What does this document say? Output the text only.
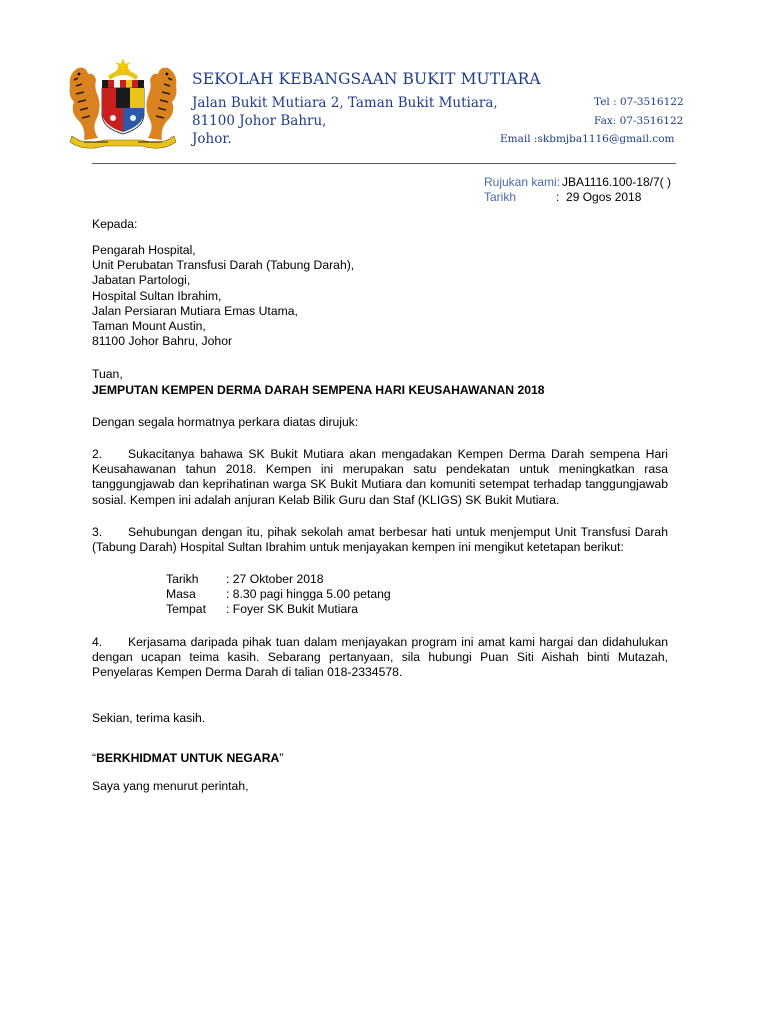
SEKOLAH KEBANGSAAN BUKIT MUTIARA
Jalan Bukit Mutiara 2, Taman Bukit Mutiara,
81100 Johor Bahru,
Johor.
Tel : 07-3516122
Fax: 07-3516122
Email :skbmjba1116@gmail.com
Rujukan kami: JBA1116.100-18/7( )
Tarikh	: 29 Ogos 2018

Kepada:

Pengarah Hospital,

Unit Perubatan Transfusi Darah (Tabung Darah),

Jabatan Partologi,

Hospital Sultan Ibrahim,

Jalan Persiaran Mutiara Emas Utama,

Taman Mount Austin,

81100 Johor Bahru, Johor

Tuan,

JEMPUTAN KEMPEN DERMA DARAH SEMPENA HARI KEUSAHAWANAN 2018

Dengan segala hormatnya perkara diatas dirujuk:

2. Sukacitanya bahawa SK Bukit Mutiara akan mengadakan Kempen Derma Darah sempena Hari Keusahawanan tahun 2018. Kempen ini merupakan satu pendekatan untuk meningkatkan rasa tanggungjawab dan keprihatinan warga SK Bukit Mutiara dan komuniti setempat terhadap tanggungjawab sosial. Kempen ini adalah anjuran Kelab Bilik Guru dan Staf (KLIGS) SK Bukit Mutiara.

3. Sehubungan dengan itu, pihak sekolah amat berbesar hati untuk menjemput Unit Transfusi Darah (Tabung Darah) Hospital Sultan Ibrahim untuk menjayakan kempen ini mengikut ketetapan berikut:

Tarikh : 27 Oktober 2018
Masa : 8.30 pagi hingga 5.00 petang
Tempat : Foyer SK Bukit Mutiara

4. Kerjasama daripada pihak tuan dalam menjayakan program ini amat kami hargai dan didahulukan dengan ucapan teima kasih. Sebarang pertanyaan, sila hubungi Puan Siti Aishah binti Mutazah, Penyelaras Kempen Derma Darah di talian 018-2334578.

Sekian, terima kasih.

“BERKHIDMAT UNTUK NEGARA”

Saya yang menurut perintah,
